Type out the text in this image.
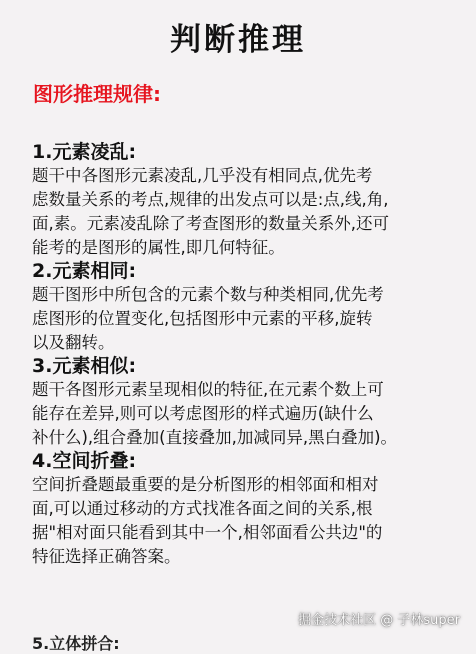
判断推理
图形推理规律:
1.元素凌乱:
题干中各图形元素凌乱,几乎没有相同点,优先考
虑数量关系的考点,规律的出发点可以是:点,线,角,
面,素。元素凌乱除了考查图形的数量关系外,还可
能考的是图形的属性,即几何特征。
2.元素相同:
题干图形中所包含的元素个数与种类相同,优先考
虑图形的位置变化,包括图形中元素的平移,旋转
以及翻转。
3.元素相似:
题干各图形元素呈现相似的特征,在元素个数上可
能存在差异,则可以考虑图形的样式遍历(缺什么
补什么),组合叠加(直接叠加,加减同异,黑白叠加)。
4.空间折叠:
空间折叠题最重要的是分析图形的相邻面和相对
面,可以通过移动的方式找准各面之间的关系,根
据"相对面只能看到其中一个,相邻面看公共边"的
特征选择正确答案。
5.立体拼合:
掘金技术社区 @ 子林super
